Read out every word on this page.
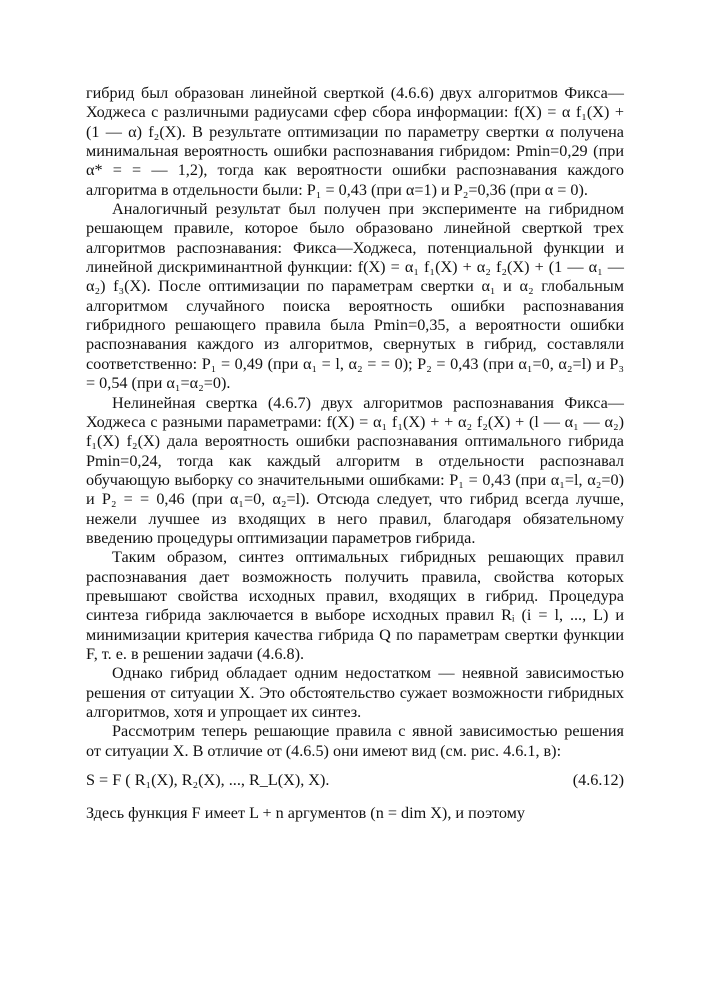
гибрид был образован линейной сверткой (4.6.6) двух алгоритмов Фикса—Ходжеса с различными радиусами сфер сбора информации: f(X) = α f₁(X) + (1 — α) f₂(X). В результате оптимизации по параметру свертки α получена минимальная вероятность ошибки распознавания гибридом: Pmin=0,29 (при α* = = — 1,2), тогда как вероятности ошибки распознавания каждого алгоритма в отдельности были: P₁ = 0,43 (при α=1) и P₂=0,36 (при α = 0).

Аналогичный результат был получен при эксперименте на гибридном решающем правиле, которое было образовано линейной сверткой трех алгоритмов распознавания: Фикса—Ходжеса, потенциальной функции и линейной дискриминантной функции: f(X) = α₁ f₁(X) + α₂ f₂(X) + (1 — α₁ — α₂) f₃(X). После оптимизации по параметрам свертки α₁ и α₂ глобальным алгоритмом случайного поиска вероятность ошибки распознавания гибридного решающего правила была Pmin=0,35, а вероятности ошибки распознавания каждого из алгоритмов, свернутых в гибрид, составляли соответственно: P₁ = 0,49 (при α₁ = l, α₂ = = 0); P₂ = 0,43 (при α₁=0, α₂=l) и P₃ = 0,54 (при α₁=α₂=0).

Нелинейная свертка (4.6.7) двух алгоритмов распознавания Фикса—Ходжеса с разными параметрами: f(X) = α₁ f₁(X) + + α₂ f₂(X) + (l — α₁ — α₂) f₁(X) f₂(X) дала вероятность ошибки распознавания оптимального гибрида Pmin=0,24, тогда как каждый алгоритм в отдельности распознавал обучающую выборку со значительными ошибками: P₁ = 0,43 (при α₁=l, α₂=0) и P₂ = = 0,46 (при α₁=0, α₂=l). Отсюда следует, что гибрид всегда лучше, нежели лучшее из входящих в него правил, благодаря обязательному введению процедуры оптимизации параметров гибрида.

Таким образом, синтез оптимальных гибридных решающих правил распознавания дает возможность получить правила, свойства которых превышают свойства исходных правил, входящих в гибрид. Процедура синтеза гибрида заключается в выборе исходных правил Rᵢ (i = l, ..., L) и минимизации критерия качества гибрида Q по параметрам свертки функции F, т. е. в решении задачи (4.6.8).

Однако гибрид обладает одним недостатком — неявной зависимостью решения от ситуации X. Это обстоятельство сужает возможности гибридных алгоритмов, хотя и упрощает их синтез.

Рассмотрим теперь решающие правила с явной зависимостью решения от ситуации X. В отличие от (4.6.5) они имеют вид (см. рис. 4.6.1, в):

S = F ( R₁(X), R₂(X), ..., R_L(X), X).	(4.6.12)

Здесь функция F имеет L + n аргументов (n = dim X), и поэтому
